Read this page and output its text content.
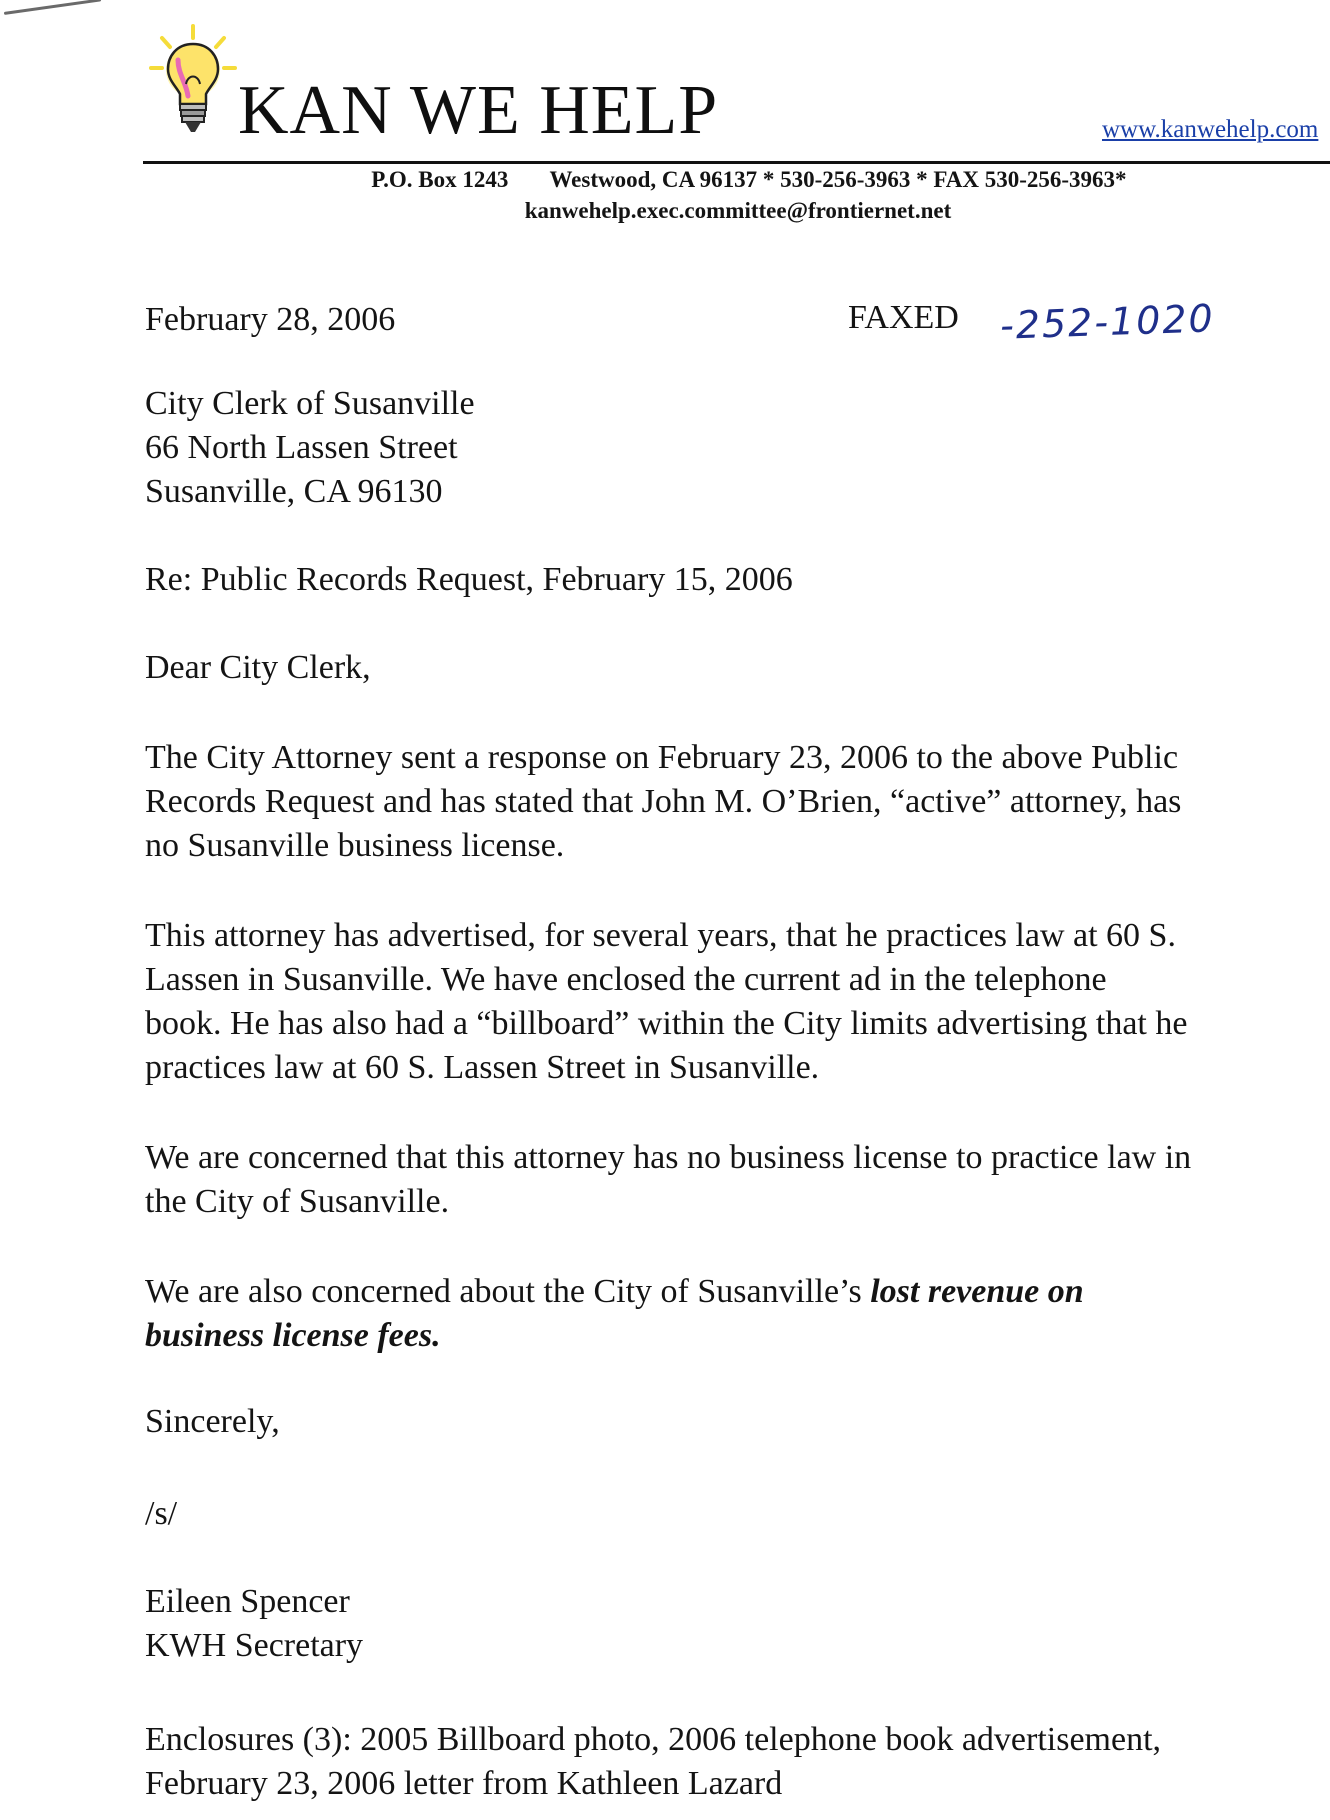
KAN WE HELP	www.kanwehelp.com
P.O. Box 1243 Westwood, CA 96137 * 530-256-3963 * FAX 530-256-3963*
kanwehelp.exec.committee@frontiernet.net
February 28, 2006	FAXED -252-1020
City Clerk of Susanville
66 North Lassen Street
Susanville, CA 96130
Re: Public Records Request, February 15, 2006
Dear City Clerk,
The City Attorney sent a response on February 23, 2006 to the above Public
Records Request and has stated that John M. O’Brien, “active” attorney, has
no Susanville business license.
This attorney has advertised, for several years, that he practices law at 60 S.
Lassen in Susanville. We have enclosed the current ad in the telephone
book. He has also had a “billboard” within the City limits advertising that he
practices law at 60 S. Lassen Street in Susanville.
We are concerned that this attorney has no business license to practice law in
the City of Susanville.
We are also concerned about the City of Susanville’s lost revenue on
business license fees.
Sincerely,
/s/
Eileen Spencer
KWH Secretary
Enclosures (3): 2005 Billboard photo, 2006 telephone book advertisement,
February 23, 2006 letter from Kathleen Lazard
